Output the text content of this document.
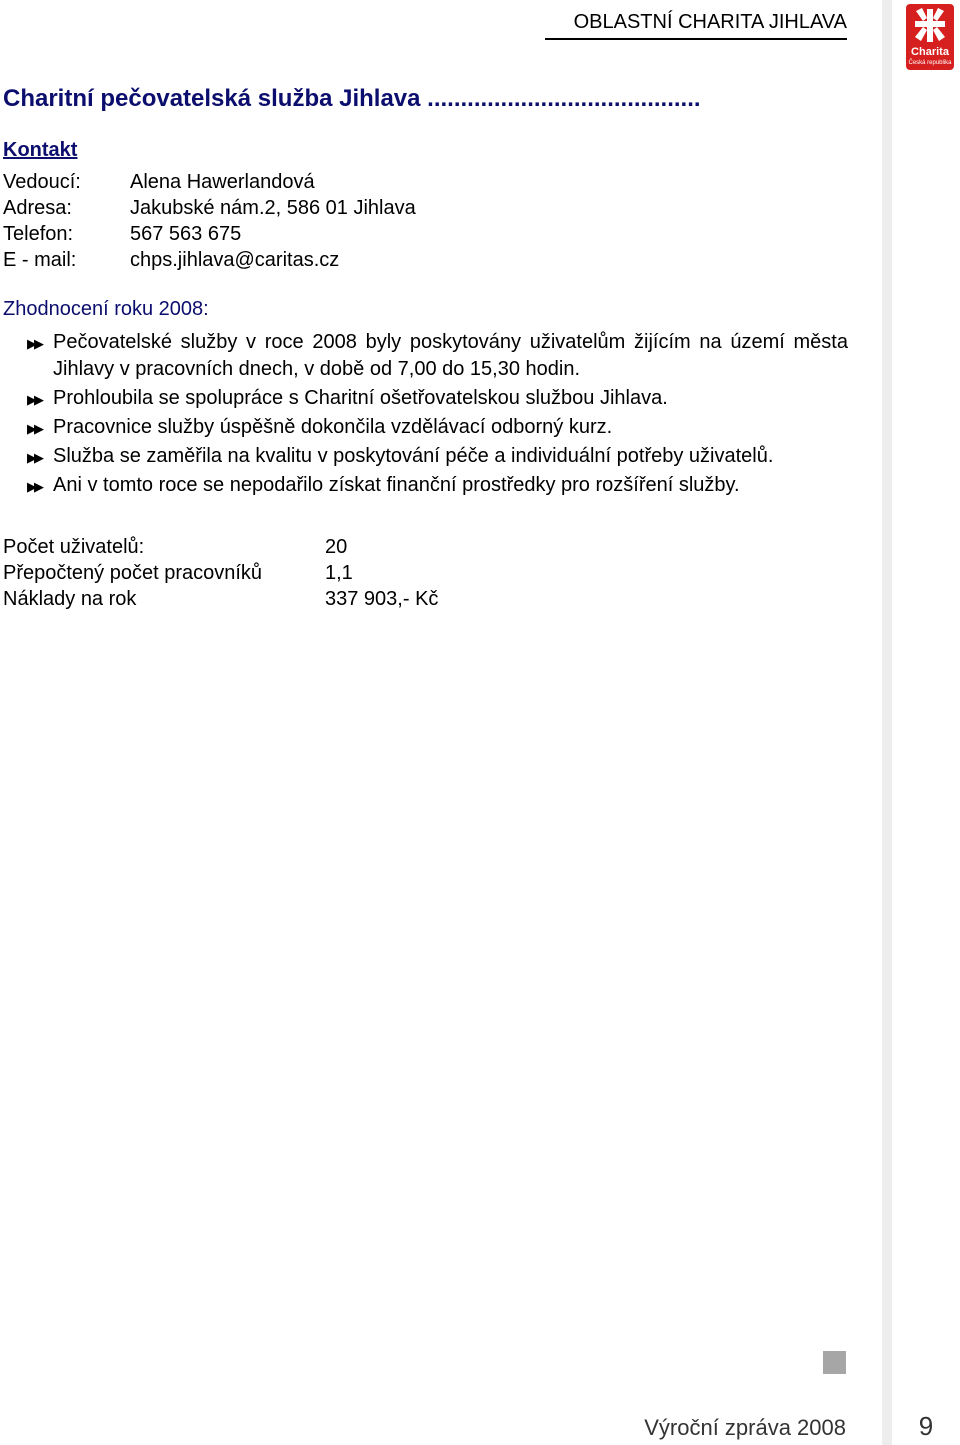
OBLASTNÍ CHARITA JIHLAVA
Charita
Česká republika
Charitní pečovatelská služba Jihlava .........................................
Kontakt
Vedoucí: Alena Hawerlandová
Adresa:	Jakubské nám.2, 586 01 Jihlava
Telefon:	567 563 675
E - mail:	chps.jihlava@caritas.cz
Zhodnocení roku 2008:
▶▶ Pečovatelské služby v roce 2008 byly poskytovány uživatelům žijícím na území města Jihlavy v pracovních dnech, v době od 7,00 do 15,30 hodin.
▶▶ Prohloubila se spolupráce s Charitní ošetřovatelskou službou Jihlava.
▶▶ Pracovnice služby úspěšně dokončila vzdělávací odborný kurz.
▶▶ Služba se zaměřila na kvalitu v poskytování péče a individuální potřeby uživatelů.
▶▶ Ani v tomto roce se nepodařilo získat finanční prostředky pro rozšíření služby.
Počet uživatelů:	20
Přepočtený počet pracovníků	1,1
Náklady na rok	337 903,- Kč
Výroční zpráva 2008	9
